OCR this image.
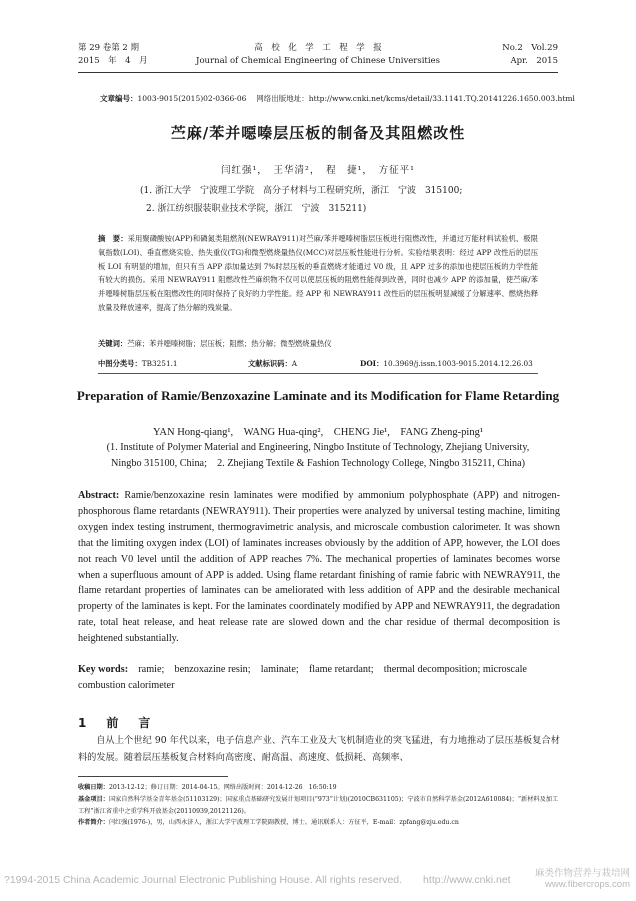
第 29 卷第 2 期
2015　年　4　月
高　校　化　学　工　程　学　报
Journal of Chemical Engineering of Chinese Universities
No.2　Vol.29
Apr.　2015
文章编号：1003-9015(2015)02-0366-06   网络出版地址：http://www.cnki.net/kcms/detail/33.1141.TQ.20141226.1650.003.html
苎麻/苯并噁嗪层压板的制备及其阻燃改性
闫红强¹，　王华清²，　程　捷¹，　方征平¹
(1. 浙江大学　宁波理工学院　高分子材料与工程研究所，浙江　宁波　315100;
2. 浙江纺织服装职业技术学院，浙江　宁波　315211)
摘　要：采用聚磷酸铵(APP)和磷氮类阻燃剂(NEWRAY911)对苎麻/苯并噁嗪树脂层压板进行阻燃改性，并通过万能材料试验机、极限氧指数(LOI)、垂直燃烧实验、热失重仪(TG)和微型燃烧量热仪(MCC)对层压板性能进行分析。实验结果表明：经过 APP 改性后的层压板 LOI 有明显的增加，但只有当 APP 添加量达到 7%时层压板的垂直燃烧才能通过 V0 级，且 APP 过多的添加也使层压板的力学性能有较大的损伤。采用 NEWRAY911 阻燃改性苎麻织物不仅可以使层压板的阻燃性能得到改善，同时也减少 APP 的添加量，使苎麻/苯并噁嗪树脂层压板在阻燃改性的同时保持了良好的力学性能。经 APP 和 NEWRAY911 改性后的层压板明显减缓了分解速率、燃烧热释放量及释放速率，提高了热分解的残炭量。
关键词：苎麻；苯并噁嗪树脂；层压板；阻燃；热分解；微型燃烧量热仪
中图分类号： TB3251.1	文献标识码： A	DOI： 10.3969/j.issn.1003-9015.2014.12.26.03
Preparation of Ramie/Benzoxazine Laminate and its Modification for Flame Retarding
YAN Hong-qiang¹,　WANG Hua-qing²,　CHENG Jie¹,　FANG Zheng-ping¹
(1. Institute of Polymer Material and Engineering, Ningbo Institute of Technology, Zhejiang University,
Ningbo 315100, China;　2. Zhejiang Textile & Fashion Technology College, Ningbo 315211, China)
Abstract:  Ramie/benzoxazine resin laminates were modified by ammonium polyphosphate (APP) and nitrogen-phosphorous flame retardants (NEWRAY911). Their properties were analyzed by universal testing machine, limiting oxygen index testing instrument, thermogravimetric analysis, and microscale combustion calorimeter. It was shown that the limiting oxygen index (LOI) of laminates increases obviously by the addition of APP, however, the LOI does not reach V0 level until the addition of APP reaches 7%. The mechanical properties of laminates becomes worse when a superfluous amount of APP is added. Using flame retardant finishing of ramie fabric with NEWRAY911, the flame retardant properties of laminates can be ameliorated with less addition of APP and the desirable mechanical property of the laminates is kept. For the laminates coordinately modified by APP and NEWRAY911, the degradation rate, total heat release, and heat release rate are slowed down and the char residue of thermal decomposition is heightened substantially.
Key words:  ramie;　benzoxazine resin;　laminate;　flame retardant;　thermal decomposition; microscale combustion calorimeter
1　前　言
自从上个世纪 90 年代以来，电子信息产业、汽车工业及大飞机制造业的突飞猛进，有力地推动了层压基板复合材料的发展。随着层压基板复合材料向高密度、耐高温、高速度、低损耗、高频率、
收稿日期：2013-12-12；修订日期：2014-04-15。网络出版时间：2014-12-26　16:50:19
基金项目：国家自然科学基金青年基金(51103129)；国家重点基础研究发展计划项目(“973”计划)(2010CB631105)；宁波市自然科学基金(2012A610084)；“新材料及加工工程”浙江省重中之重学科开放基金(20110939,20121126)。
作者简介：闫红强(1976-)，男，山西永济人，浙江大学宁波理工学院副教授，博士。通讯联系人：方征平，E-mail：zpfang@zju.edu.cn
?1994-2015 China Academic Journal Electronic Publishing House. All rights reserved.　　http://www.cnki.net
麻类作物营养与栽培网
www.fibercrops.com
